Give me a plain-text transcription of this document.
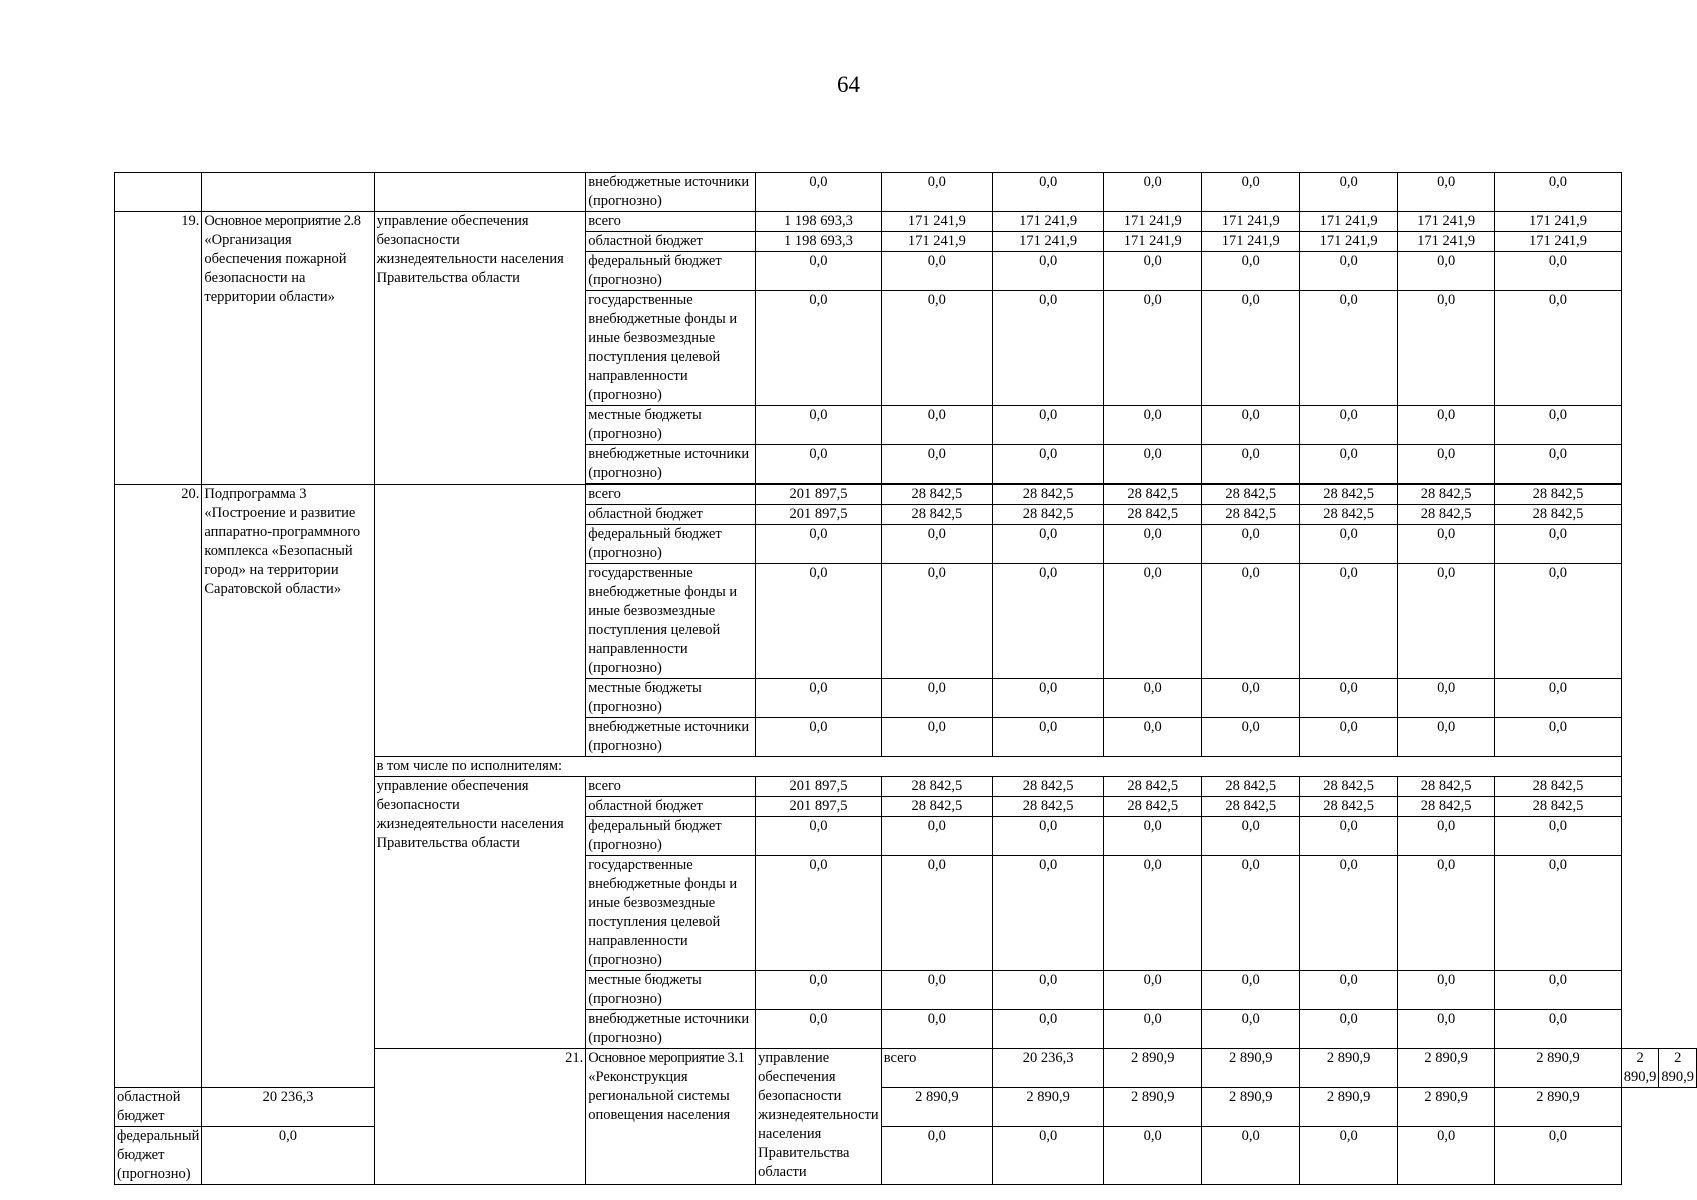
64
			внебюджетные источники (прогнозно)	0,0	0,0	0,0	0,0	0,0	0,0	0,0	0,0		
19.	Основное мероприятие 2.8 «Организация обеспечения пожарной безопасности на территории области»	управление обеспечения безопасности жизнедеятельности населения Правительства области	всего	1 198 693,3	171 241,9	171 241,9	171 241,9	171 241,9	171 241,9	171 241,9	171 241,9		
			областной бюджет	1 198 693,3	171 241,9	171 241,9	171 241,9	171 241,9	171 241,9	171 241,9	171 241,9		
			федеральный бюджет (прогнозно)	0,0	0,0	0,0	0,0	0,0	0,0	0,0	0,0		
			государственные внебюджетные фонды и иные безвозмездные поступления целевой направленности (прогнозно)	0,0	0,0	0,0	0,0	0,0	0,0	0,0	0,0		
			местные бюджеты (прогнозно)	0,0	0,0	0,0	0,0	0,0	0,0	0,0	0,0		
			внебюджетные источники (прогнозно)	0,0	0,0	0,0	0,0	0,0	0,0	0,0	0,0		

20.	Подпрограмма 3 «Построение и развитие аппаратно-программного комплекса «Безопасный город» на территории Саратовской области»		всего	201 897,5	28 842,5	28 842,5	28 842,5	28 842,5	28 842,5	28 842,5	28 842,5		
			областной бюджет	201 897,5	28 842,5	28 842,5	28 842,5	28 842,5	28 842,5	28 842,5	28 842,5		
			федеральный бюджет (прогнозно)	0,0	0,0	0,0	0,0	0,0	0,0	0,0	0,0		
			государственные внебюджетные фонды и иные безвозмездные поступления целевой направленности (прогнозно)	0,0	0,0	0,0	0,0	0,0	0,0	0,0	0,0		
			местные бюджеты (прогнозно)	0,0	0,0	0,0	0,0	0,0	0,0	0,0	0,0		
			внебюджетные источники (прогнозно)	0,0	0,0	0,0	0,0	0,0	0,0	0,0	0,0		
		в том числе по исполнителям:											
		управление обеспечения безопасности жизнедеятельности населения Правительства области	всего	201 897,5	28 842,5	28 842,5	28 842,5	28 842,5	28 842,5	28 842,5	28 842,5		
			областной бюджет	201 897,5	28 842,5	28 842,5	28 842,5	28 842,5	28 842,5	28 842,5	28 842,5		
			федеральный бюджет (прогнозно)	0,0	0,0	0,0	0,0	0,0	0,0	0,0	0,0		
			государственные внебюджетные фонды и иные безвозмездные поступления целевой направленности (прогнозно)	0,0	0,0	0,0	0,0	0,0	0,0	0,0	0,0		
			местные бюджеты (прогнозно)	0,0	0,0	0,0	0,0	0,0	0,0	0,0	0,0		
			внебюджетные источники (прогнозно)	0,0	0,0	0,0	0,0	0,0	0,0	0,0	0,0		
		21.	Основное мероприятие 3.1 «Реконструкция региональной системы оповещения населения	управление обеспечения безопасности жизнедеятельности населения Правительства области	всего	20 236,3	2 890,9	2 890,9	2 890,9	2 890,9	2 890,9	2 890,9	2 890,9
областной бюджет	20 236,3				2 890,9	2 890,9	2 890,9	2 890,9	2 890,9	2 890,9	2 890,9		
федеральный бюджет (прогнозно)	0,0				0,0	0,0	0,0	0,0	0,0	0,0	0,0		
